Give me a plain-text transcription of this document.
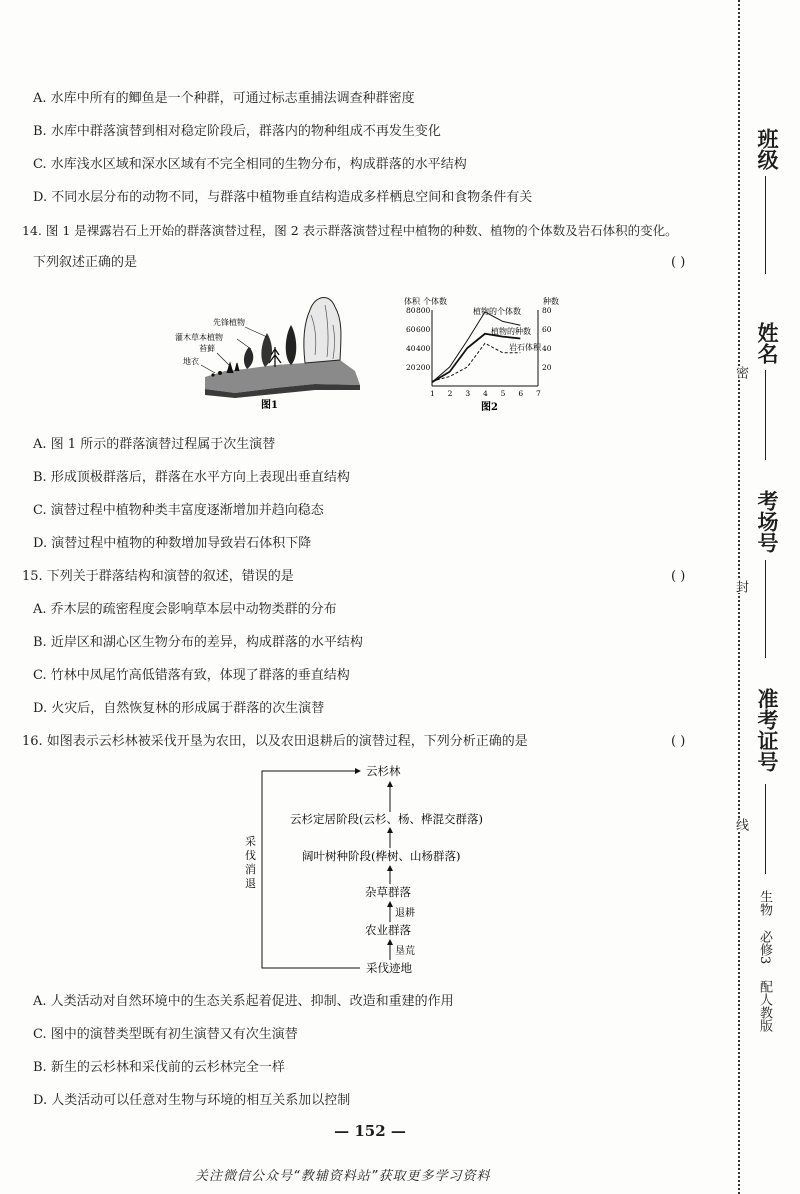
A. 水库中所有的鲫鱼是一个种群，可通过标志重捕法调查种群密度
B. 水库中群落演替到相对稳定阶段后，群落内的物种组成不再发生变化
C. 水库浅水区域和深水区域有不完全相同的生物分布，构成群落的水平结构
D. 不同水层分布的动物不同，与群落中植物垂直结构造成多样栖息空间和食物条件有关
14. 图 1 是裸露岩石上开始的群落演替过程，图 2 表示群落演替过程中植物的种数、植物的个体数及岩石体积的变化。
下列叙述正确的是	( )
先锋植物
灌木草本植物
苔藓
地衣
图1
体积 个体数	种数
20
40
60
80
200
400
600
800
20
40
60
80
1 2 3 4 5 6 7
植物的个体数
植物的种数
岩石体积
图2
A. 图 1 所示的群落演替过程属于次生演替
B. 形成顶极群落后，群落在水平方向上表现出垂直结构
C. 演替过程中植物种类丰富度逐渐增加并趋向稳态
D. 演替过程中植物的种数增加导致岩石体积下降
15. 下列关于群落结构和演替的叙述，错误的是	( )
A. 乔木层的疏密程度会影响草本层中动物类群的分布
B. 近岸区和湖心区生物分布的差异，构成群落的水平结构
C. 竹林中凤尾竹高低错落有致，体现了群落的垂直结构
D. 火灾后，自然恢复林的形成属于群落的次生演替
16. 如图表示云杉林被采伐开垦为农田，以及农田退耕后的演替过程，下列分析正确的是	( )
采
伐
消
退
云杉林
云杉定居阶段(云杉、杨、桦混交群落)
阔叶树种阶段(桦树、山杨群落)
杂草群落
退耕
农业群落
垦荒
采伐迹地
A. 人类活动对自然环境中的生态关系起着促进、抑制、改造和重建的作用
C. 图中的演替类型既有初生演替又有次生演替
B. 新生的云杉林和采伐前的云杉林完全一样
D. 人类活动可以任意对生物与环境的相互关系加以控制
— 152 —
关注微信公众号“教辅资料站”获取更多学习资料
班级
姓名
考场号
准考证号
密
封
线
生物
必修3
配人教版
